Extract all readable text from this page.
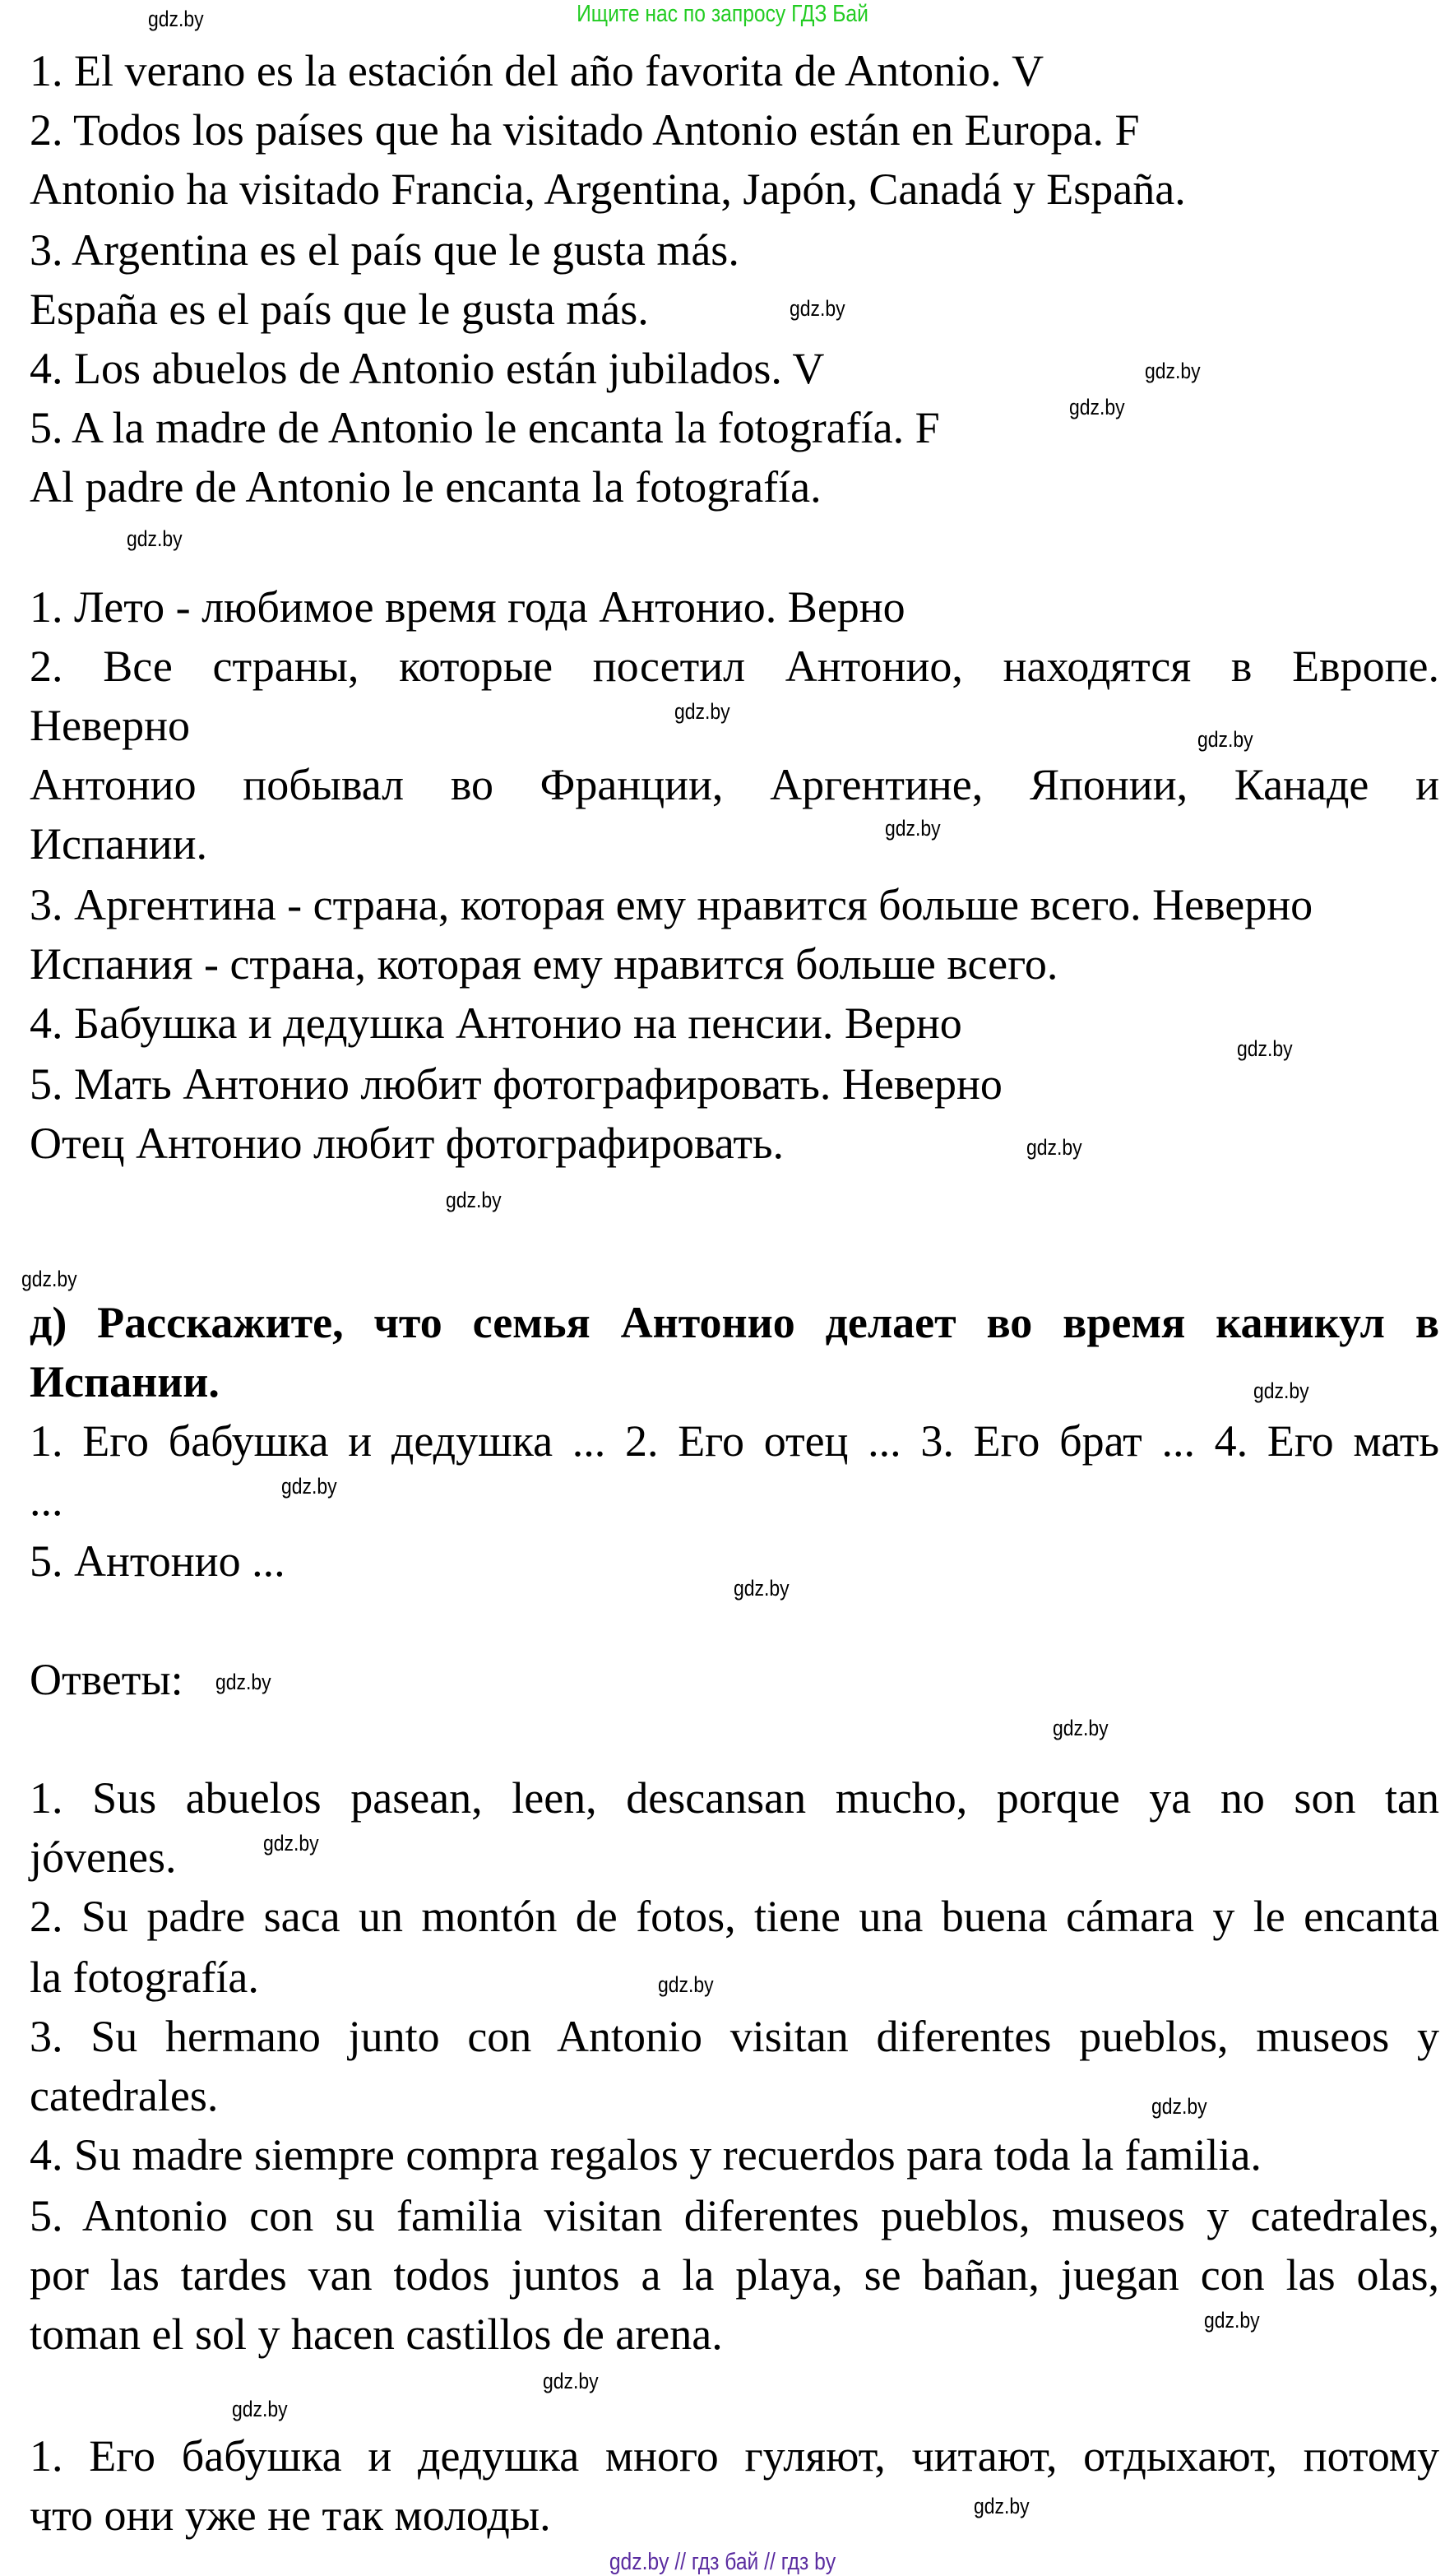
Ищите нас по запросу ГДЗ Бай
1. El verano es la estación del año favorita de Antonio. V
2. Todos los países que ha visitado Antonio están en Europa. F
Antonio ha visitado Francia, Argentina, Japón, Canadá y España.
3. Argentina es el país que le gusta más.
España es el país que le gusta más.
4. Los abuelos de Antonio están jubilados. V
5. A la madre de Antonio le encanta la fotografía. F
Al padre de Antonio le encanta la fotografía.
1. Лето - любимое время года Антонио. Верно
2. Все страны, которые посетил Антонио, находятся в Европе.
Неверно
Антонио побывал во Франции, Аргентине, Японии, Канаде и
Испании.
3. Аргентина - страна, которая ему нравится больше всего. Неверно
Испания - страна, которая ему нравится больше всего.
4. Бабушка и дедушка Антонио на пенсии. Верно
5. Мать Антонио любит фотографировать. Неверно
Отец Антонио любит фотографировать.
д) Расскажите, что семья Антонио делает во время каникул в
Испании.
1. Его бабушка и дедушка ... 2. Его отец ... 3. Его брат ... 4. Его мать
...
5. Антонио ...
Ответы:
1. Sus abuelos pasean, leen, descansan mucho, porque ya no son tan
jóvenes.
2. Su padre saca un montón de fotos, tiene una buena cámara y le encanta
la fotografía.
3. Su hermano junto con Antonio visitan diferentes pueblos, museos y
catedrales.
4. Su madre siempre compra regalos y recuerdos para toda la familia.
5. Antonio con su familia visitan diferentes pueblos, museos y catedrales,
por las tardes van todos juntos a la playa, se bañan, juegan con las olas,
toman el sol y hacen castillos de arena.
1. Его бабушка и дедушка много гуляют, читают, отдыхают, потому
что они уже не так молоды.
gdz.by
gdz.by
gdz.by
gdz.by
gdz.by
gdz.by
gdz.by
gdz.by
gdz.by
gdz.by
gdz.by
gdz.by
gdz.by
gdz.by
gdz.by
gdz.by
gdz.by
gdz.by
gdz.by
gdz.by
gdz.by
gdz.by
gdz.by
gdz.by
gdz.by // гдз бай // гдз by
